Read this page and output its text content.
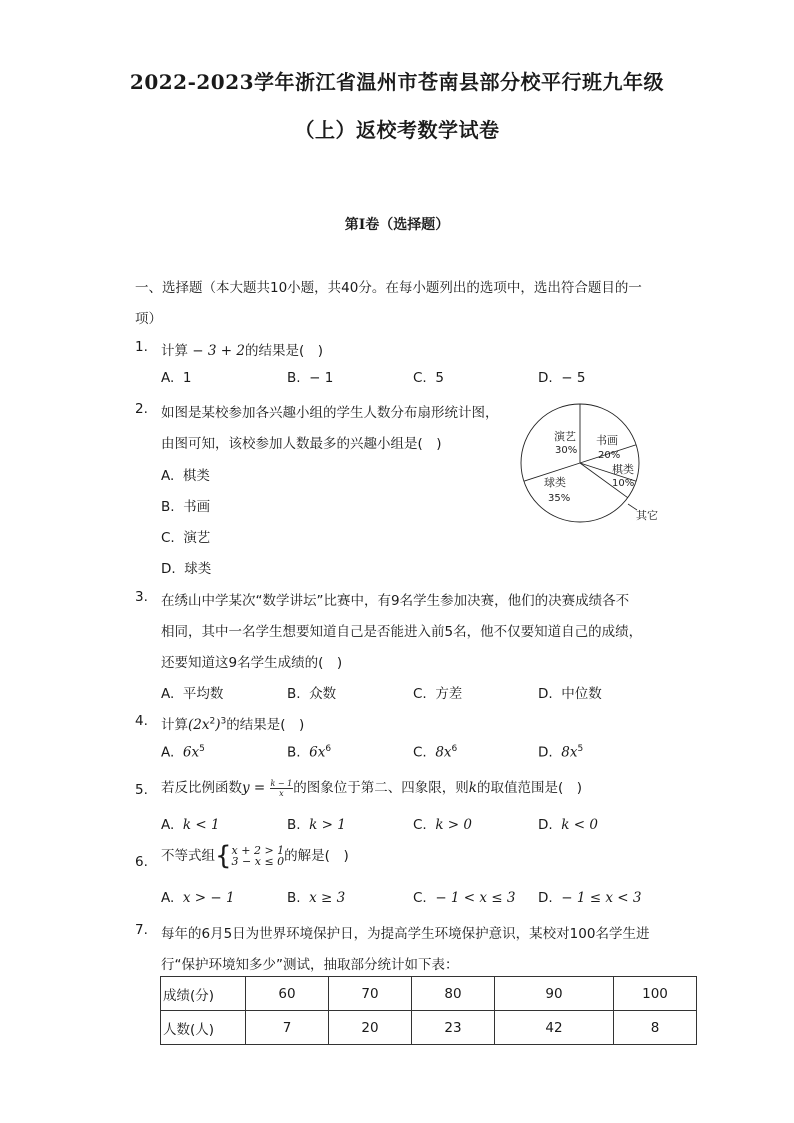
2022-2023学年浙江省温州市苍南县部分校平行班九年级
（上）返校考数学试卷
第Ⅰ卷（选择题）
一、选择题（本大题共10小题，共40分。在每小题列出的选项中，选出符合题目的一
项）
1. 计算 − 3 + 2的结果是(　)
A. 1	B. − 1	C. 5	D. − 5
2. 如图是某校参加各兴趣小组的学生人数分布扇形统计图，
由图可知，该校参加人数最多的兴趣小组是(　)
A. 棋类
B. 书画
C. 演艺
D. 球类
演艺
30%
书画
20%
棋类
10%
球类
35%
其它
3. 在绣山中学某次“数学讲坛”比赛中，有9名学生参加决赛，他们的决赛成绩各不
相同，其中一名学生想要知道自己是否能进入前5名，他不仅要知道自己的成绩，
还要知道这9名学生成绩的(　)
A. 平均数	B. 众数	C. 方差	D. 中位数
4. 计算$(2x^2)^3$的结果是(　)
A. $6x^5$	B. $6x^6$	C. $8x^6$	D. $8x^5$
5. 若反比例函数$y = \frac{k - 1}{x}$ 的图象位于第二、四象限，则k的取值范围是(　)
A. k < 1	B. k > 1	C. k > 0	D. k < 0
6. 不等式组{ x + 2 > 1
3 − x ≤ 0 的解是(　)
A. x > − 1	B. x ≥ 3	C. − 1 < x ≤ 3 D. − 1 ≤ x < 3
7. 每年的6月5日为世界环境保护日，为提高学生环境保护意识，某校对100名学生进
行“保护环境知多少”测试，抽取部分统计如下表：
成绩(分)	60	70	80	90	100
人数(人)	7	20	23	42	8
